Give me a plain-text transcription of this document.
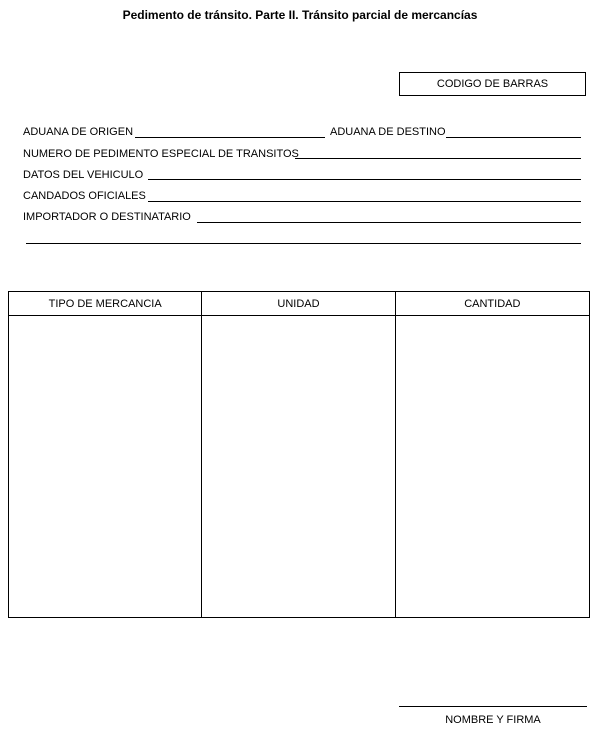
Pedimento de tránsito. Parte II. Tránsito parcial de mercancías
CODIGO DE BARRAS
ADUANA DE ORIGEN	ADUANA DE DESTINO
NUMERO DE PEDIMENTO ESPECIAL DE TRANSITOS
DATOS DEL VEHICULO
CANDADOS OFICIALES
IMPORTADOR O DESTINATARIO
TIPO DE MERCANCIA	UNIDAD	CANTIDAD
NOMBRE Y FIRMA
